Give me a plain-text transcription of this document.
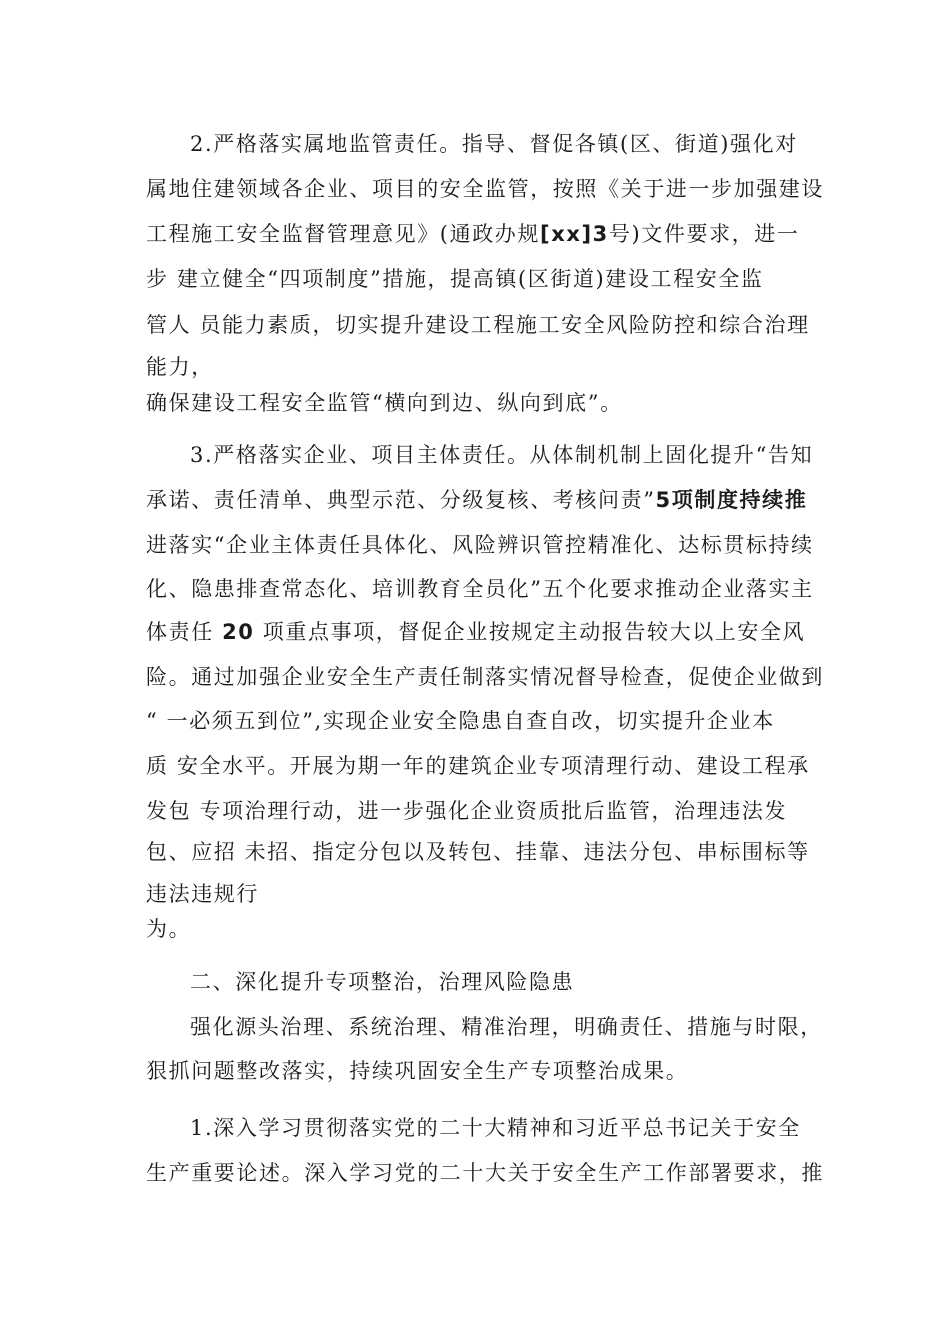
2.严格落实属地监管责任。指导、督促各镇(区、街道)强化对
属地住建领域各企业、项目的安全监管，按照《关于进一步加强建设
工程施工安全监督管理意见》(通政办规[xx]3号)文件要求，进一
步 建立健全“四项制度”措施，提高镇(区街道)建设工程安全监
管人 员能力素质，切实提升建设工程施工安全风险防控和综合治理
能力，
确保建设工程安全监管“横向到边、纵向到底”。
3.严格落实企业、项目主体责任。从体制机制上固化提升“告知
承诺、责任清单、典型示范、分级复核、考核问责”5项制度持续推
进落实“企业主体责任具体化、风险辨识管控精准化、达标贯标持续
化、隐患排查常态化、培训教育全员化”五个化要求推动企业落实主
体责任 20 项重点事项，督促企业按规定主动报告较大以上安全风
险。通过加强企业安全生产责任制落实情况督导检查，促使企业做到
“ 一必须五到位”,实现企业安全隐患自查自改，切实提升企业本
质 安全水平。开展为期一年的建筑企业专项清理行动、建设工程承
发包 专项治理行动，进一步强化企业资质批后监管，治理违法发
包、应招 未招、指定分包以及转包、挂靠、违法分包、串标围标等
违法违规行
为。
二、深化提升专项整治，治理风险隐患
强化源头治理、系统治理、精准治理，明确责任、措施与时限，
狠抓问题整改落实，持续巩固安全生产专项整治成果。
1.深入学习贯彻落实党的二十大精神和习近平总书记关于安全
生产重要论述。深入学习党的二十大关于安全生产工作部署要求，推
